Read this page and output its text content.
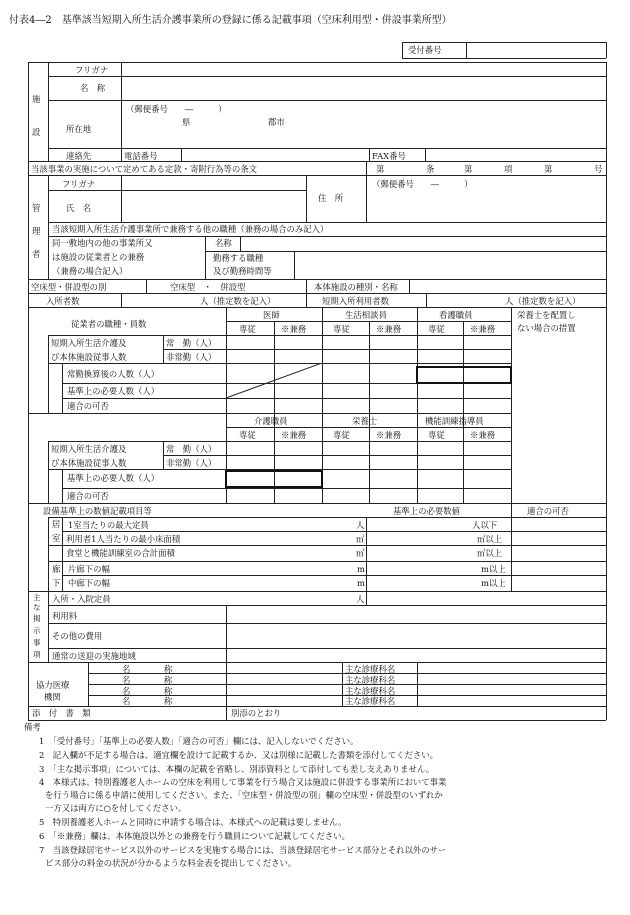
付表4―2　基準該当短期入所生活介護事業所の登録に係る記載事項（空床利用型・併設事業所型）
受付番号
施
設
フリガナ
名　称
（郵便番号　　―　　　）
所在地
県	郡市
連絡先	電話番号	FAX番号
当該事業の実施について定めてある定款・寄附行為等の条文	第	条	第	項	第	号
管
理
者
フリガナ
氏　名
住　所
（郵便番号　　―　　　）
当該短期入所生活介護事業所で兼務する他の職種（兼務の場合のみ記入）
同一敷地内の他の事業所又
は施設の従業者との兼務
（兼務の場合記入）
名称
勤務する職種
及び勤務時間等
空床型・併設型の別	空床型　・　併設型	本体施設の種別・名称
入所者数	人（推定数を記入）	短期入所利用者数	人（推定数を記入）
従業者の職種・員数
医師	生活相談員	看護職員	栄養士を配置し
ない場合の措置
専従	※兼務	専従	※兼務	専従	※兼務
短期入所生活介護及
び本体施設従事人数
常　勤（人）
非常勤（人）
常勤換算後の人数（人）
基準上の必要人数（人）
適合の可否
介護職員	栄養士	機能訓練指導員
専従	※兼務	専従	※兼務	専従	※兼務
短期入所生活介護及
び本体施設従事人数
常　勤（人）
非常勤（人）
基準上の必要人数（人）
適合の可否
設備基準上の数値記載項目等	基準上の必要数値	適合の可否
居
室
1室当たりの最大定員	人	人以下
利用者1人当たりの最小床面積	㎡	㎡以上
食堂と機能訓練室の合計面積	㎡	㎡以上
廊
下
片廊下の幅	m	m以上
中廊下の幅	m	m以上
主
な
掲
示
事
項
入所・入院定員	人
利用料
その他の費用
通常の送迎の実施地域
協力医療
機関
名　　　　称	主な診療科名
名　　　　称	主な診療科名
名　　　　称	主な診療科名
名　　　　称	主な診療科名
添　付　書　類	別添のとおり
備考
1　「受付番号」「基準上の必要人数」「適合の可否」欄には、記入しないでください。
2　記入欄が不足する場合は、適宜欄を設けて記載するか、又は別様に記載した書類を添付してください。
3　「主な掲示事項」については、本欄の記載を省略し、別添資料として添付しても差し支えありません。
4　本様式は、特別養護老人ホームの空床を利用して事業を行う場合又は施設に併設する事業所において事業
を行う場合に係る申請に使用してください。また、「空床型・併設型の別」欄の空床型・併設型のいずれか
一方又は両方に○を付してください。
5　特別養護老人ホームと同時に申請する場合は、本様式への記載は要しません。
6　「※兼務」欄は、本体施設以外との兼務を行う職員について記載してください。
7　当該登録居宅サービス以外のサービスを実施する場合には、当該登録居宅サービス部分とそれ以外のサー
ビス部分の料金の状況が分かるような料金表を提出してください。
